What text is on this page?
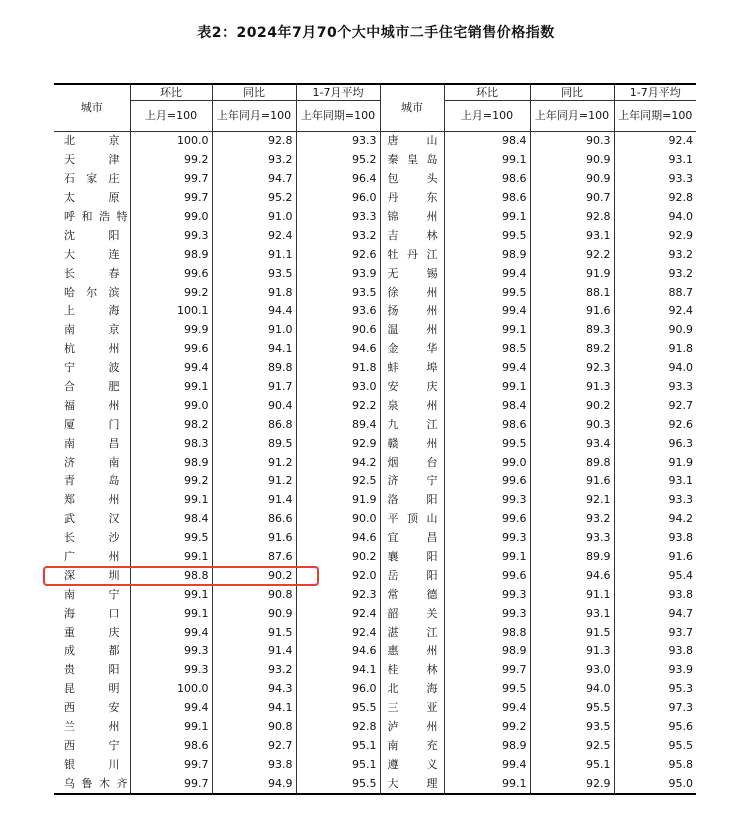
表2：2024年7月70个大中城市二手住宅销售价格指数
城市	环比	同比	1-7月平均	城市	环比	同比	1-7月平均
	上月=100	上年同月=100	上年同期=100		上月=100	上年同月=100	上年同期=100
北　京	100.0	92.8	93.3	唐　山	98.4	90.3	92.4
天　津	99.2	93.2	95.2	秦皇岛	99.1	90.9	93.1
石家庄	99.7	94.7	96.4	包　头	98.6	90.9	93.3
太　原	99.7	95.2	96.0	丹　东	98.6	90.7	92.8
呼和浩特	99.0	91.0	93.3	锦　州	99.1	92.8	94.0
沈　阳	99.3	92.4	93.2	吉　林	99.5	93.1	92.9
大　连	98.9	91.1	92.6	牡丹江	98.9	92.2	93.2
长　春	99.6	93.5	93.9	无　锡	99.4	91.9	93.2
哈尔滨	99.2	91.8	93.5	徐　州	99.5	88.1	88.7
上　海	100.1	94.4	93.6	扬　州	99.4	91.6	92.4
南　京	99.9	91.0	90.6	温　州	99.1	89.3	90.9
杭　州	99.6	94.1	94.6	金　华	98.5	89.2	91.8
宁　波	99.4	89.8	91.8	蚌　埠	99.4	92.3	94.0
合　肥	99.1	91.7	93.0	安　庆	99.1	91.3	93.3
福　州	99.0	90.4	92.2	泉　州	98.4	90.2	92.7
厦　门	98.2	86.8	89.4	九　江	98.6	90.3	92.6
南　昌	98.3	89.5	92.9	赣　州	99.5	93.4	96.3
济　南	98.9	91.2	94.2	烟　台	99.0	89.8	91.9
青　岛	99.2	91.2	92.5	济　宁	99.6	91.6	93.1
郑　州	99.1	91.4	91.9	洛　阳	99.3	92.1	93.3
武　汉	98.4	86.6	90.0	平顶山	99.6	93.2	94.2
长　沙	99.5	91.6	94.6	宜　昌	99.3	93.3	93.8
广　州	99.1	87.6	90.2	襄　阳	99.1	89.9	91.6
深　圳	98.8	90.2	92.0	岳　阳	99.6	94.6	95.4
南　宁	99.1	90.8	92.3	常　德	99.3	91.1	93.8
海　口	99.1	90.9	92.4	韶　关	99.3	93.1	94.7
重　庆	99.4	91.5	92.4	湛　江	98.8	91.5	93.7
成　都	99.3	91.4	94.6	惠　州	98.9	91.3	93.8
贵　阳	99.3	93.2	94.1	桂　林	99.7	93.0	93.9
昆　明	100.0	94.3	96.0	北　海	99.5	94.0	95.3
西　安	99.4	94.1	95.5	三　亚	99.4	95.5	97.3
兰　州	99.1	90.8	92.8	泸　州	99.2	93.5	95.6
西　宁	98.6	92.7	95.1	南　充	98.9	92.5	95.5
银　川	99.7	93.8	95.1	遵　义	99.4	95.1	95.8
乌鲁木齐	99.7	94.9	95.5	大　理	99.1	92.9	95.0
